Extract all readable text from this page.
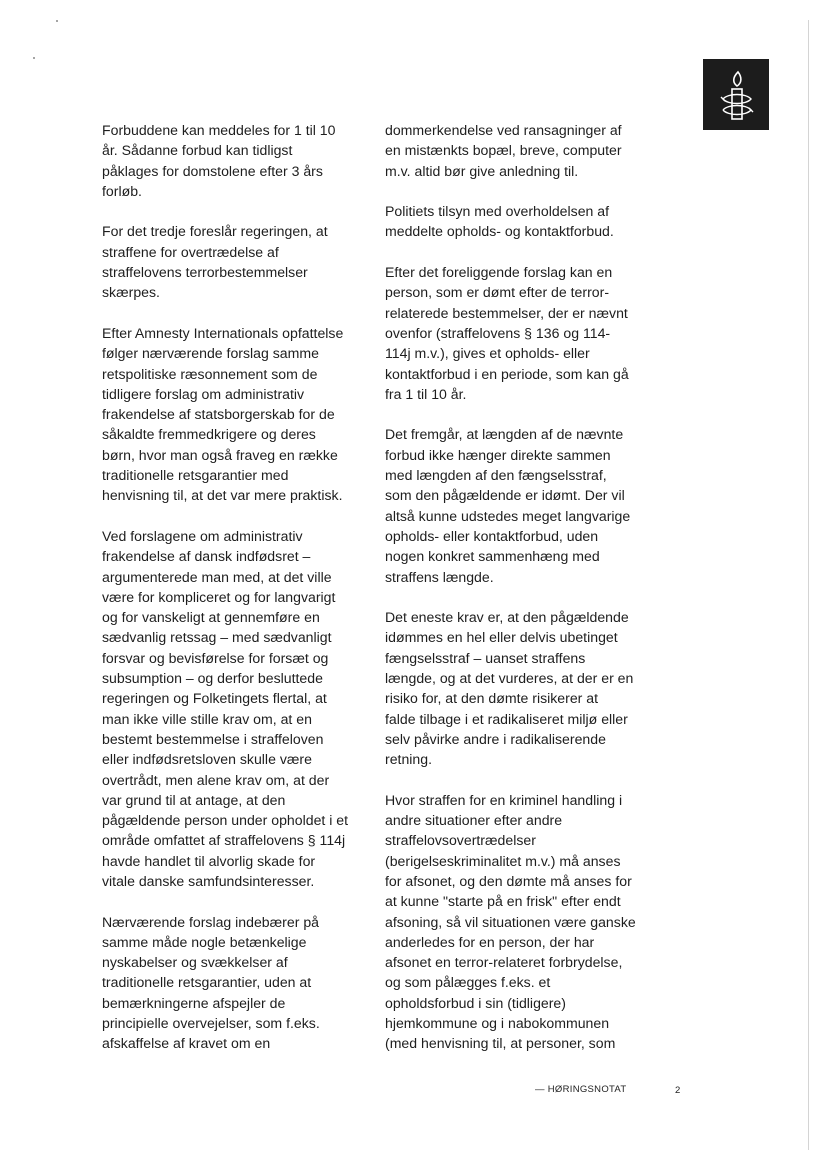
Forbuddene kan meddeles for 1 til 10
år. Sådanne forbud kan tidligst
påklages for domstolene efter 3 års
forløb.

For det tredje foreslår regeringen, at
straffene for overtrædelse af
straffelovens terrorbestemmelser
skærpes.

Efter Amnesty Internationals opfattelse
følger nærværende forslag samme
retspolitiske ræsonnement som de
tidligere forslag om administrativ
frakendelse af statsborgerskab for de
såkaldte fremmedkrigere og deres
børn, hvor man også fraveg en række
traditionelle retsgarantier med
henvisning til, at det var mere praktisk.

Ved forslagene om administrativ
frakendelse af dansk indfødsret –
argumenterede man med, at det ville
være for kompliceret og for langvarigt
og for vanskeligt at gennemføre en
sædvanlig retssag – med sædvanligt
forsvar og bevisførelse for forsæt og
subsumption – og derfor besluttede
regeringen og Folketingets flertal, at
man ikke ville stille krav om, at en
bestemt bestemmelse i straffeloven
eller indfødsretsloven skulle være
overtrådt, men alene krav om, at der
var grund til at antage, at den
pågældende person under opholdet i et
område omfattet af straffelovens § 114j
havde handlet til alvorlig skade for
vitale danske samfundsinteresser.

Nærværende forslag indebærer på
samme måde nogle betænkelige
nyskabelser og svækkelser af
traditionelle retsgarantier, uden at
bemærkningerne afspejler de
principielle overvejelser, som f.eks.
afskaffelse af kravet om en

dommerkendelse ved ransagninger af
en mistænkts bopæl, breve, computer
m.v. altid bør give anledning til.

Politiets tilsyn med overholdelsen af
meddelte opholds- og kontaktforbud.

Efter det foreliggende forslag kan en
person, som er dømt efter de terror-
relaterede bestemmelser, der er nævnt
ovenfor (straffelovens § 136 og 114-
114j m.v.), gives et opholds- eller
kontaktforbud i en periode, som kan gå
fra 1 til 10 år.

Det fremgår, at længden af de nævnte
forbud ikke hænger direkte sammen
med længden af den fængselsstraf,
som den pågældende er idømt. Der vil
altså kunne udstedes meget langvarige
opholds- eller kontaktforbud, uden
nogen konkret sammenhæng med
straffens længde.

Det eneste krav er, at den pågældende
idømmes en hel eller delvis ubetinget
fængselsstraf – uanset straffens
længde, og at det vurderes, at der er en
risiko for, at den dømte risikerer at
falde tilbage i et radikaliseret miljø eller
selv påvirke andre i radikaliserende
retning.

Hvor straffen for en kriminel handling i
andre situationer efter andre
straffelovsovertrædelser
(berigelseskriminalitet m.v.) må anses
for afsonet, og den dømte må anses for
at kunne "starte på en frisk" efter endt
afsoning, så vil situationen være ganske
anderledes for en person, der har
afsonet en terror-relateret forbrydelse,
og som pålægges f.eks. et
opholdsforbud i sin (tidligere)
hjemkommune og i nabokommunen
(med henvisning til, at personer, som

— HØRINGSNOTAT	2
